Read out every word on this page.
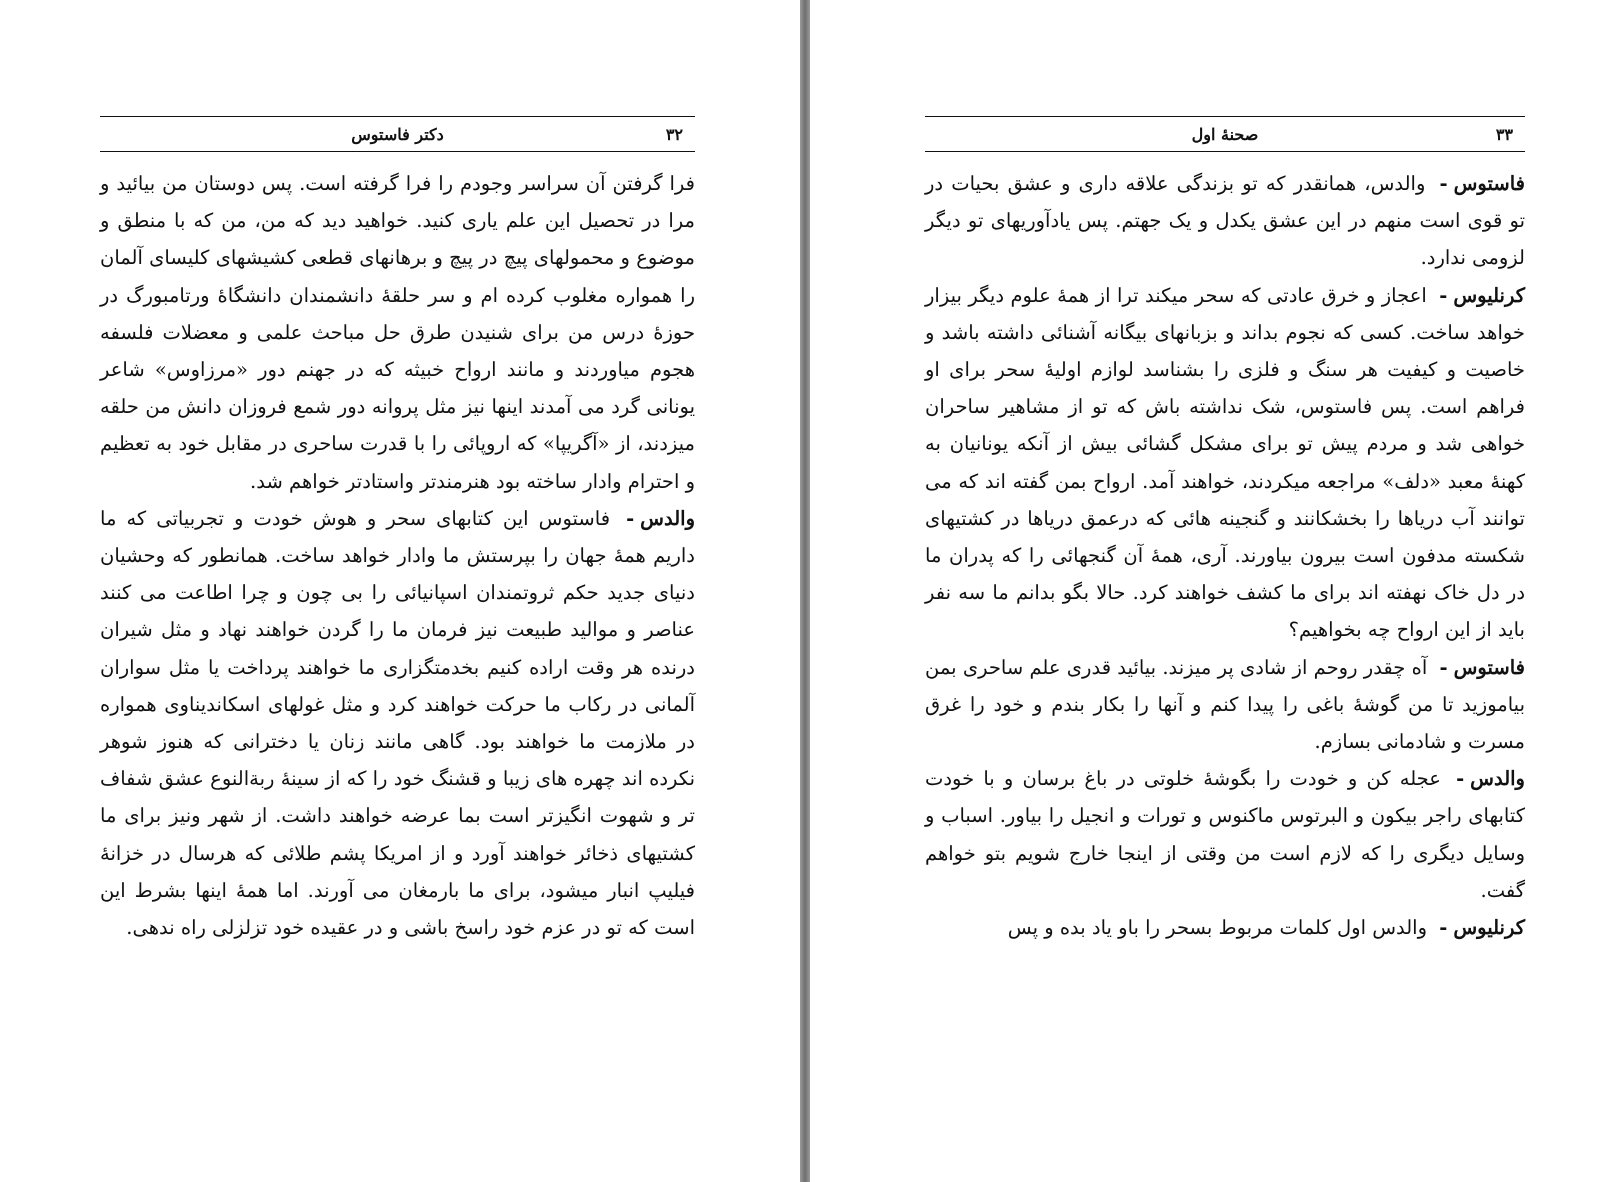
۳۲
دکتر فاستوس

فرا گرفتن آن سراسر وجودم را فرا گرفته است. پس دوستان من بیائید و مرا در تحصیل این علم یاری کنید. خواهید دید که من، من که با منطق و موضوع و محمولهای پیچ در پیچ و برهانهای قطعی کشیشهای کلیسای آلمان را همواره مغلوب کرده ام و سر حلقهٔ دانشمندان دانشگاهٔ ورتامبورگ در حوزهٔ درس من برای شنیدن طرق حل مباحث علمی و معضلات فلسفه هجوم میاوردند و مانند ارواح خبیثه که در جهنم دور «مرزاوس» شاعر یونانی گرد می آمدند اینها نیز مثل پروانه دور شمع فروزان دانش من حلقه میزدند، از «آگریپا» که اروپائی را با قدرت ساحری در مقابل خود به تعظیم و احترام وادار ساخته بود هنرمندتر واستادتر خواهم شد.

والدس- فاستوس این کتابهای سحر و هوش خودت و تجربیاتی که ما داریم همهٔ جهان را بپرستش ما وادار خواهد ساخت. همانطور که وحشیان دنیای جدید حکم ثروتمندان اسپانیائی را بی چون و چرا اطاعت می کنند عناصر و موالید طبیعت نیز فرمان ما را گردن خواهند نهاد و مثل شیران درنده هر وقت اراده کنیم بخدمتگزاری ما خواهند پرداخت یا مثل سواران آلمانی در رکاب ما حرکت خواهند کرد و مثل غولهای اسکاندیناوی همواره در ملازمت ما خواهند بود. گاهی مانند زنان یا دخترانی که هنوز شوهر نکرده اند چهره های زیبا و قشنگ خود را که از سینهٔ ربةالنوع عشق شفاف تر و شهوت انگیزتر است بما عرضه خواهند داشت. از شهر ونیز برای ما کشتیهای ذخائر خواهند آورد و از امریکا پشم طلائی که هرسال در خزانهٔ فیلیپ انبار میشود، برای ما بارمغان می آورند. اما همهٔ اینها بشرط این است که تو در عزم خود راسخ باشی و در عقیده خود تزلزلی راه ندهی.

۳۳
صحنهٔ اول

فاستوس- والدس، همانقدر که تو بزندگی علاقه داری و عشق بحیات در تو قوی است منهم در این عشق یکدل و یک جهتم. پس یادآوریهای تو دیگر لزومی ندارد.

کرنلیوس- اعجاز و خرق عادتی که سحر میکند ترا از همهٔ علوم دیگر بیزار خواهد ساخت. کسی که نجوم بداند و بزبانهای بیگانه آشنائی داشته باشد و خاصیت و کیفیت هر سنگ و فلزی را بشناسد لوازم اولیهٔ سحر برای او فراهم است. پس فاستوس، شک نداشته باش که تو از مشاهیر ساحران خواهی شد و مردم پیش تو برای مشکل گشائی بیش از آنکه یونانیان به کهنهٔ معبد «دلف» مراجعه میکردند، خواهند آمد. ارواح بمن گفته اند که می توانند آب دریاها را بخشکانند و گنجینه هائی که درعمق دریاها در کشتیهای شکسته مدفون است بیرون بیاورند. آری، همهٔ آن گنجهائی را که پدران ما در دل خاک نهفته اند برای ما کشف خواهند کرد. حالا بگو بدانم ما سه نفر باید از این ارواح چه بخواهیم؟

فاستوس- آه چقدر روحم از شادی پر میزند. بیائید قدری علم ساحری بمن بیاموزید تا من گوشهٔ باغی را پیدا کنم و آنها را بکار بندم و خود را غرق مسرت و شادمانی بسازم.

والدس- عجله کن و خودت را بگوشهٔ خلوتی در باغ برسان و با خودت کتابهای راجر بیکون و البرتوس ماکنوس و تورات و انجیل را بیاور. اسباب و وسایل دیگری را که لازم است من وقتی از اینجا خارج شویم بتو خواهم گفت.

کرنلیوس- والدس اول کلمات مربوط بسحر را باو یاد بده و پس
